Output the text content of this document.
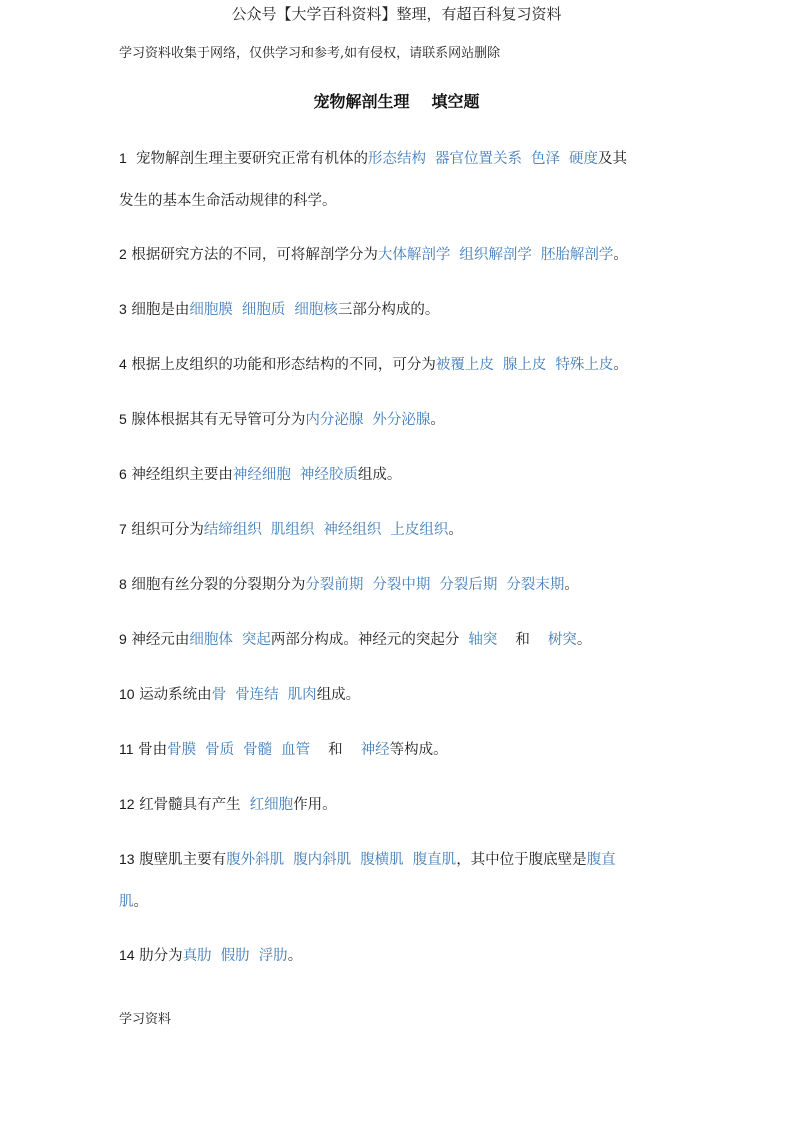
公众号【大学百科资料】整理，有超百科复习资料
学习资料收集于网络，仅供学习和参考,如有侵权，请联系网站删除
宠物解剖生理 填空题
1 宠物解剖生理主要研究正常有机体的形态结构 器官位置关系 色泽 硬度及其
发生的基本生命活动规律的科学。
2 根据研究方法的不同，可将解剖学分为大体解剖学 组织解剖学 胚胎解剖学。
3 细胞是由细胞膜 细胞质 细胞核三部分构成的。
4 根据上皮组织的功能和形态结构的不同，可分为被覆上皮 腺上皮 特殊上皮。
5 腺体根据其有无导管可分为内分泌腺 外分泌腺。
6 神经组织主要由神经细胞 神经胶质组成。
7 组织可分为结缔组织 肌组织 神经组织 上皮组织。
8 细胞有丝分裂的分裂期分为分裂前期 分裂中期 分裂后期 分裂末期。
9 神经元由细胞体 突起两部分构成。神经元的突起分 轴突 和 树突。
10 运动系统由骨 骨连结 肌肉组成。
11 骨由骨膜 骨质 骨髓 血管 和 神经等构成。
12 红骨髓具有产生 红细胞作用。
13 腹壁肌主要有腹外斜肌 腹内斜肌 腹横肌 腹直肌，其中位于腹底壁是腹直
肌。
14 肋分为真肋 假肋 浮肋。
学习资料
